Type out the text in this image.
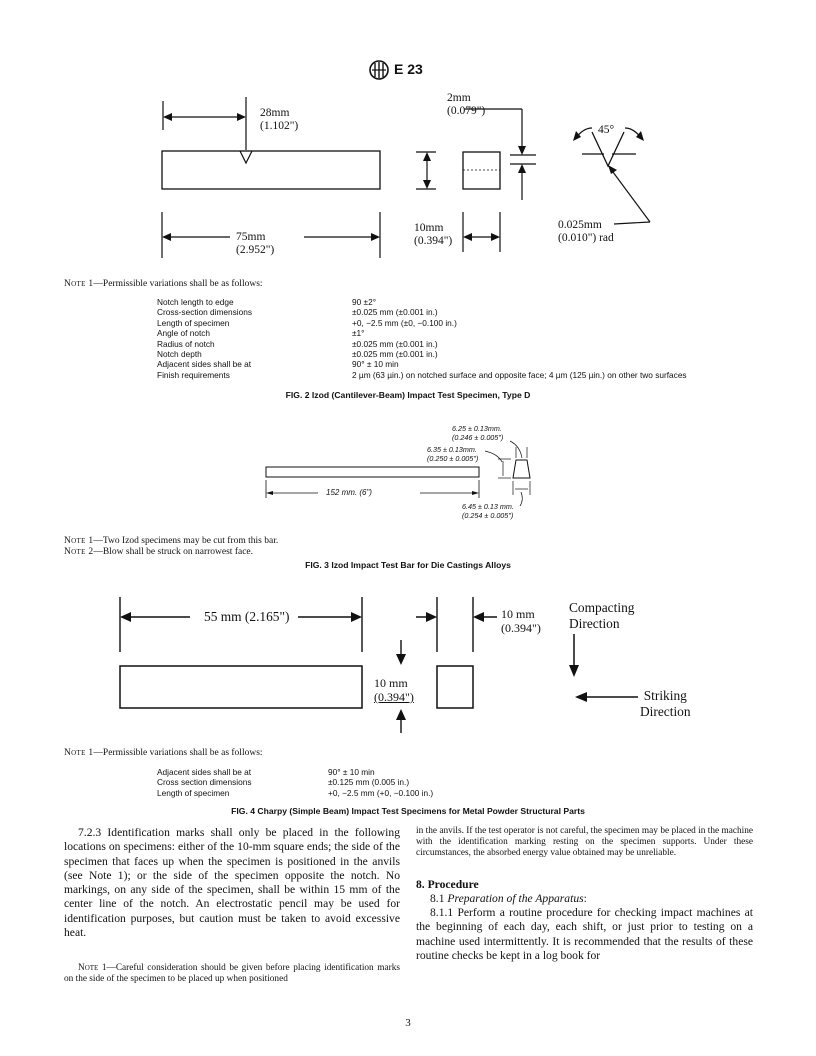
E 23
28mm
(1.102")
2mm
(0.079")
45°
75mm
(2.952")
10mm
(0.394")
0.025mm
(0.010") rad
Note 1—Permissible variations shall be as follows:
Notch length to edge
Cross-section dimensions
Length of specimen
Angle of notch
Radius of notch
Notch depth
Adjacent sides shall be at
Finish requirements
90 ±2°
±0.025 mm (±0.001 in.)
+0, −2.5 mm (±0, −0.100 in.)
±1°
±0.025 mm (±0.001 in.)
±0.025 mm (±0.001 in.)
90° ± 10 min
2 µm (63 µin.) on notched surface and opposite face; 4 µm (125 µin.) on other two surfaces
FIG. 2 Izod (Cantilever-Beam) Impact Test Specimen, Type D
6.25 ± 0.13mm.
(0.246 ± 0.005")
6.35 ± 0.13mm.
(0.250 ± 0.005")
152 mm. (6")
6.45 ± 0.13 mm.
(0.254 ± 0.005")
Note 1—Two Izod specimens may be cut from this bar.
Note 2—Blow shall be struck on narrowest face.
FIG. 3 Izod Impact Test Bar for Die Castings Alloys
55 mm (2.165")	10 mm
(0.394")
10 mm
(0.394")
Compacting
Direction
Striking
Direction
Note 1—Permissible variations shall be as follows:
Adjacent sides shall be at
Cross section dimensions
Length of specimen
90° ± 10 min
±0.125 mm (0.005 in.)
+0, −2.5 mm (+0, −0.100 in.)
FIG. 4 Charpy (Simple Beam) Impact Test Specimens for Metal Powder Structural Parts
7.2.3 Identification marks shall only be placed in the following locations on specimens: either of the 10-mm square ends; the side of the specimen that faces up when the specimen is positioned in the anvils (see Note 1); or the side of the specimen opposite the notch. No markings, on any side of the specimen, shall be within 15 mm of the center line of the notch. An electrostatic pencil may be used for identification purposes, but caution must be taken to avoid excessive heat.
Note 1—Careful consideration should be given before placing identification marks on the side of the specimen to be placed up when positioned
in the anvils. If the test operator is not careful, the specimen may be placed in the machine with the identification marking resting on the specimen supports. Under these circumstances, the absorbed energy value obtained may be unreliable.
8. Procedure
8.1 Preparation of the Apparatus:
8.1.1 Perform a routine procedure for checking impact machines at the beginning of each day, each shift, or just prior to testing on a machine used intermittently. It is recommended that the results of these routine checks be kept in a log book for
3
